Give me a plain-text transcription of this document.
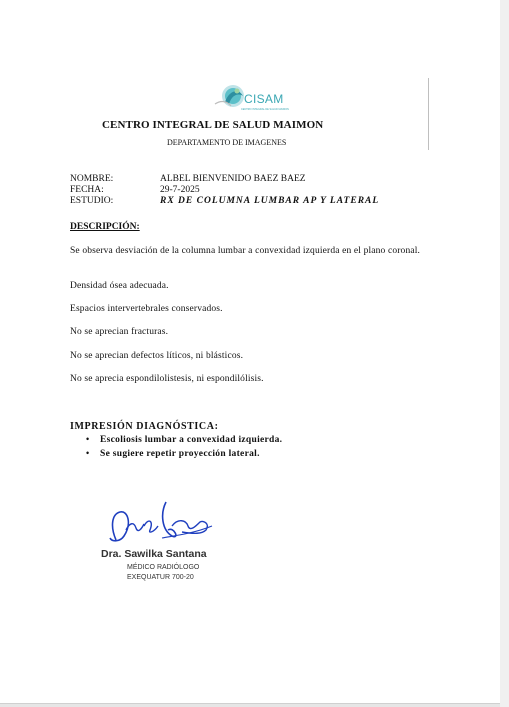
CISAM
CENTRO INTEGRAL DE SALUD MAIMON
CENTRO INTEGRAL DE SALUD MAIMON
DEPARTAMENTO DE IMAGENES
NOMBRE:	ALBEL BIENVENIDO BAEZ BAEZ
FECHA:	29-7-2025
ESTUDIO:	RX DE COLUMNA LUMBAR AP Y LATERAL
DESCRIPCIÓN:
Se observa desviación de la columna lumbar a convexidad izquierda en el plano coronal.
Densidad ósea adecuada.
Espacios intervertebrales conservados.
No se aprecian fracturas.
No se aprecian defectos líticos, ni blásticos.
No se aprecia espondilolistesis, ni espondilólisis.
IMPRESIÓN DIAGNÓSTICA:
• Escoliosis lumbar a convexidad izquierda.
• Se sugiere repetir proyección lateral.
Dra. Sawilka Santana
MÉDICO RADIÓLOGO
EXEQUATUR 700-20
